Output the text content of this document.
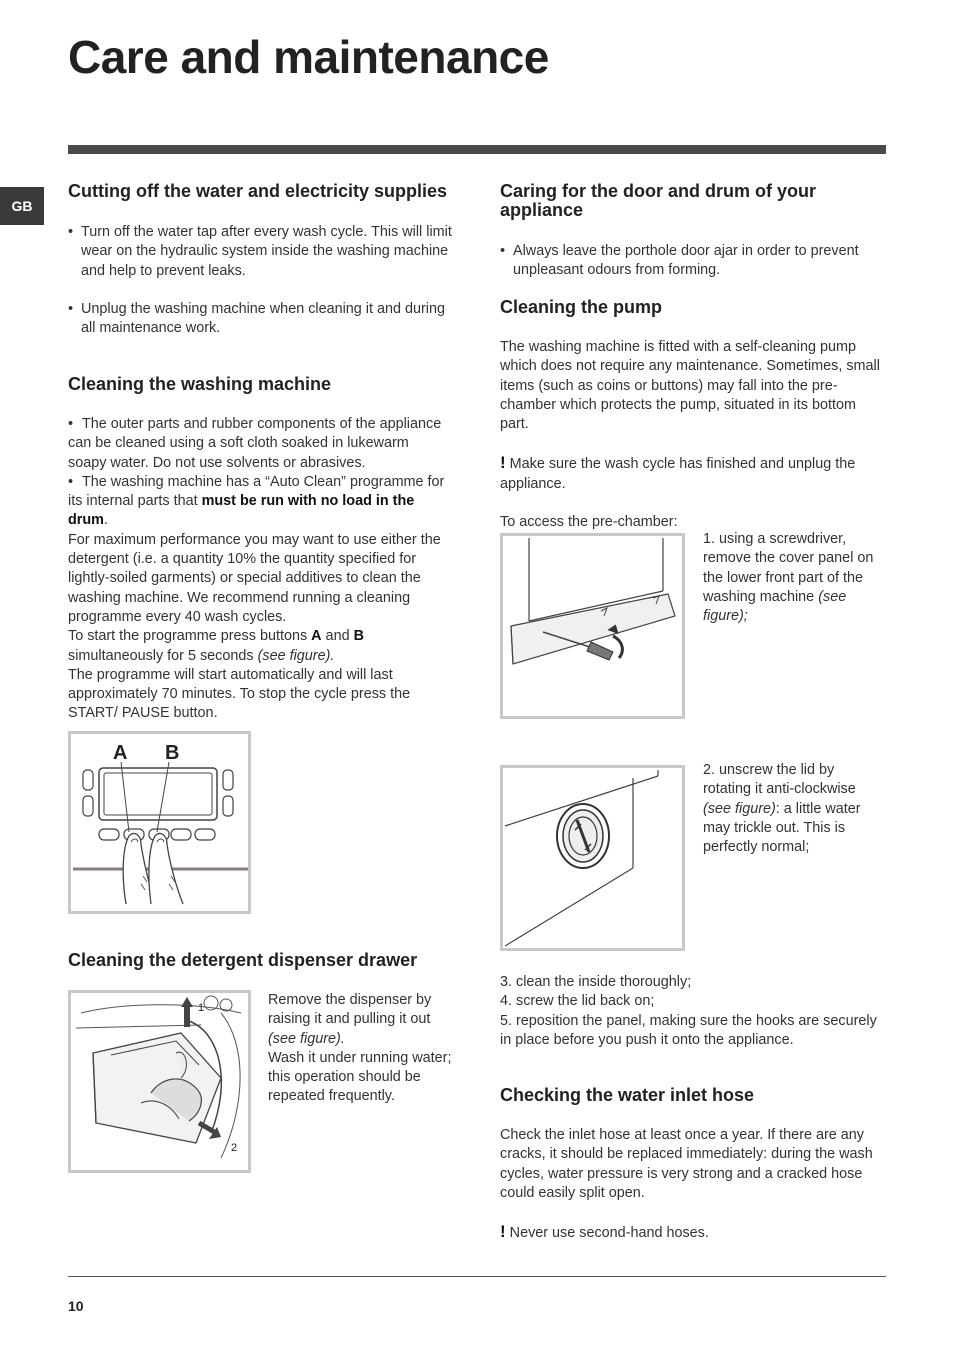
Care and maintenance
GB
Cutting off the water and electricity supplies

• Turn off the water tap after every wash cycle. This will limit wear on the hydraulic system inside the washing machine and help to prevent leaks.

• Unplug the washing machine when cleaning it and during all maintenance work.

Cleaning the washing machine

• The outer parts and rubber components of the appliance can be cleaned using a soft cloth soaked in lukewarm soapy water. Do not use solvents or abrasives.

• The washing machine has a “Auto Clean” programme for its internal parts that must be run with no load in the drum.

For maximum performance you may want to use either the detergent (i.e. a quantity 10% the quantity specified for lightly-soiled garments) or special additives to clean the washing machine. We recommend running a cleaning programme every 40 wash cycles.

To start the programme press buttons A and B simultaneously for 5 seconds (see figure).

The programme will start automatically and will last approximately 70 minutes. To stop the cycle press the START/ PAUSE button.

A B
Cleaning the detergent dispenser drawer
1
2

Remove the dispenser by raising it and pulling it out (see figure).

Wash it under running water; this operation should be repeated frequently.

Caring for the door and drum of your appliance

• Always leave the porthole door ajar in order to prevent unpleasant odours from forming.

Cleaning the pump

The washing machine is fitted with a self-cleaning pump which does not require any maintenance. Sometimes, small items (such as coins or buttons) may fall into the pre-chamber which protects the pump, situated in its bottom part.

! Make sure the wash cycle has finished and unplug the appliance.

To access the pre-chamber:

1. using a screwdriver, remove the cover panel on the lower front part of the washing machine (see figure);

2. unscrew the lid by rotating it anti-clockwise (see figure): a little water may trickle out. This is perfectly normal;

3. clean the inside thoroughly;

4. screw the lid back on;

5. reposition the panel, making sure the hooks are securely in place before you push it onto the appliance.

Checking the water inlet hose

Check the inlet hose at least once a year. If there are any cracks, it should be replaced immediately: during the wash cycles, water pressure is very strong and a cracked hose could easily split open.

! Never use second-hand hoses.

10
